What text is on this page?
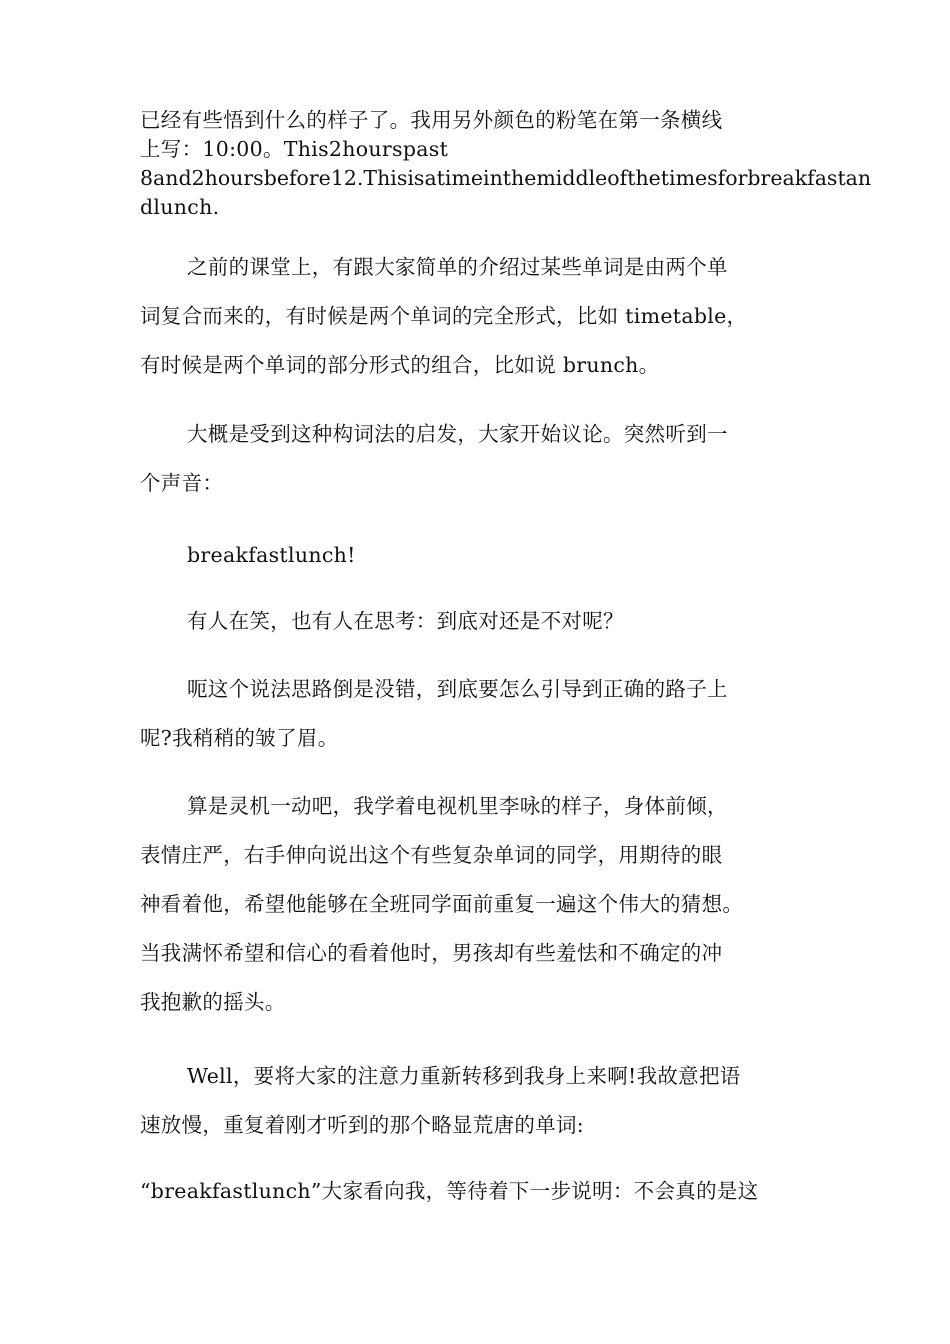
已经有些悟到什么的样子了。我用另外颜色的粉笔在第一条横线
上写：10:00。This2hourspast
8and2hoursbefore12.Thisisatimeinthemiddleofthetimesforbreakfastan
dlunch.
之前的课堂上，有跟大家简单的介绍过某些单词是由两个单
词复合而来的，有时候是两个单词的完全形式，比如 timetable，
有时候是两个单词的部分形式的组合，比如说 brunch。
大概是受到这种构词法的启发，大家开始议论。突然听到一
个声音：
breakfastlunch!
有人在笑，也有人在思考：到底对还是不对呢？
呃这个说法思路倒是没错，到底要怎么引导到正确的路子上
呢?我稍稍的皱了眉。
算是灵机一动吧，我学着电视机里李咏的样子，身体前倾，
表情庄严，右手伸向说出这个有些复杂单词的同学，用期待的眼
神看着他，希望他能够在全班同学面前重复一遍这个伟大的猜想。
当我满怀希望和信心的看着他时，男孩却有些羞怯和不确定的冲
我抱歉的摇头。
Well，要将大家的注意力重新转移到我身上来啊!我故意把语
速放慢，重复着刚才听到的那个略显荒唐的单词:
“breakfastlunch”大家看向我，等待着下一步说明：不会真的是这
